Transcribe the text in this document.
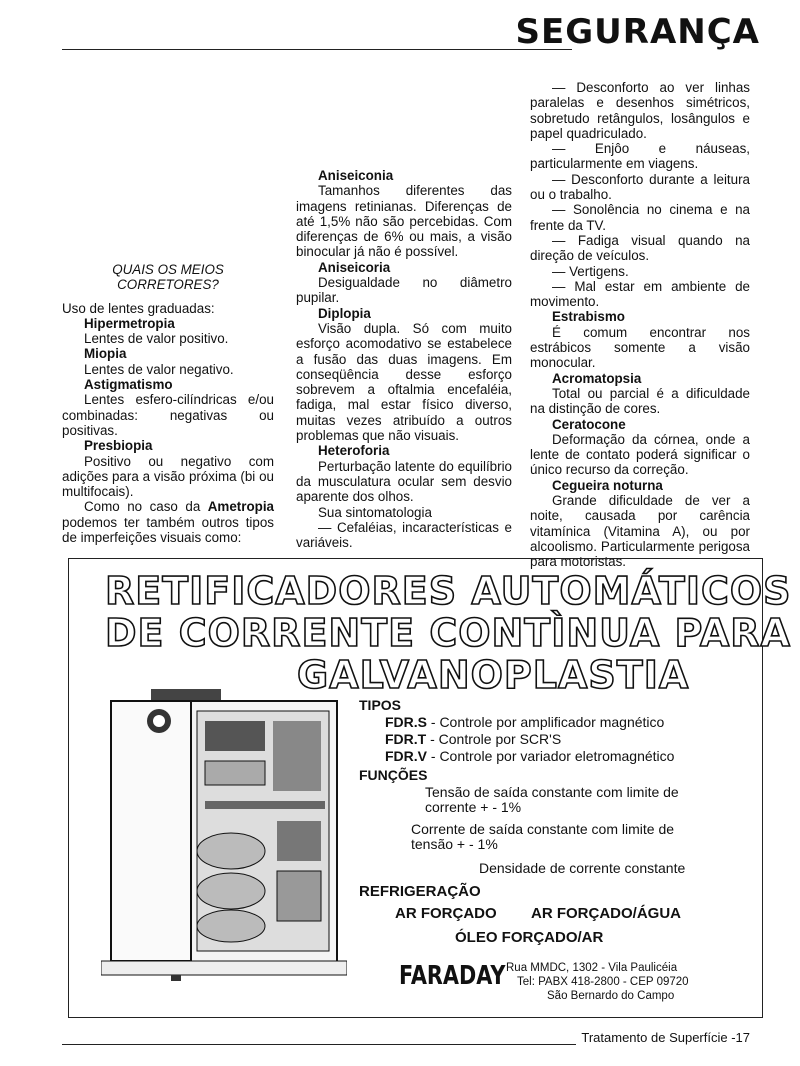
SEGURANÇA

QUAIS OS MEIOS

CORRETORES?

Uso de lentes graduadas:

Hipermetropia

Lentes de valor positivo.

Miopia

Lentes de valor negativo.

Astigmatismo

Lentes esfero-cilíndricas e/ou combinadas: negativas ou positivas.

Presbiopia

Positivo ou negativo com adições para a visão próxima (bi ou multifocais).

Como no caso da Ametropia podemos ter também outros tipos de imperfeições visuais como:

Aniseiconia

Tamanhos diferentes das imagens retinianas. Diferenças de até 1,5% não são percebidas. Com diferenças de 6% ou mais, a visão binocular já não é possível.

Aniseicoria

Desigualdade no diâmetro pupilar.

Diplopia

Visão dupla. Só com muito esforço acomodativo se estabelece a fusão das duas imagens. Em conseqüência desse esforço sobrevem a oftalmia encefaléia, fadiga, mal estar físico diverso, muitas vezes atribuído a outros problemas que não visuais.

Heteroforia

Perturbação latente do equilíbrio da musculatura ocular sem desvio aparente dos olhos.

Sua sintomatologia

— Cefaléias, incaracterísticas e variáveis.

— Desconforto ao ver linhas paralelas e desenhos simétricos, sobretudo retângulos, losângulos e papel quadriculado.

— Enjôo e náuseas, particularmente em viagens.

— Desconforto durante a leitura ou o trabalho.

— Sonolência no cinema e na frente da TV.

— Fadiga visual quando na direção de veículos.

— Vertigens.

— Mal estar em ambiente de movimento.

Estrabismo

É comum encontrar nos estrábicos somente a visão monocular.

Acromatopsia

Total ou parcial é a dificuldade na distinção de cores.

Ceratocone

Deformação da córnea, onde a lente de contato poderá significar o único recurso da correção.

Cegueira noturna

Grande dificuldade de ver a noite, causada por carência vitamínica (Vitamina A), ou por alcoolismo. Particularmente perigosa para motoristas.

RETIFICADORES AUTOMÁTICOS
DE CORRENTE CONTÌNUA PARA
GALVANOPLASTIA
TIPOS
FDR.S - Controle por amplificador magnético
FDR.T - Controle por SCR'S
FDR.V - Controle por variador eletromagnético
FUNÇÕES
Tensão de saída constante com limite de
corrente + - 1%
Corrente de saída constante com limite de
tensão + - 1%
Densidade de corrente constante
REFRIGERAÇÃO
AR FORÇADO AR FORÇADO/ÁGUA
ÓLEO FORÇADO/AR
FARADAY Rua MMDC, 1302 - Vila Paulicéia
Tel: PABX 418-2800 - CEP 09720
São Bernardo do Campo
Tratamento de Superfície -17
